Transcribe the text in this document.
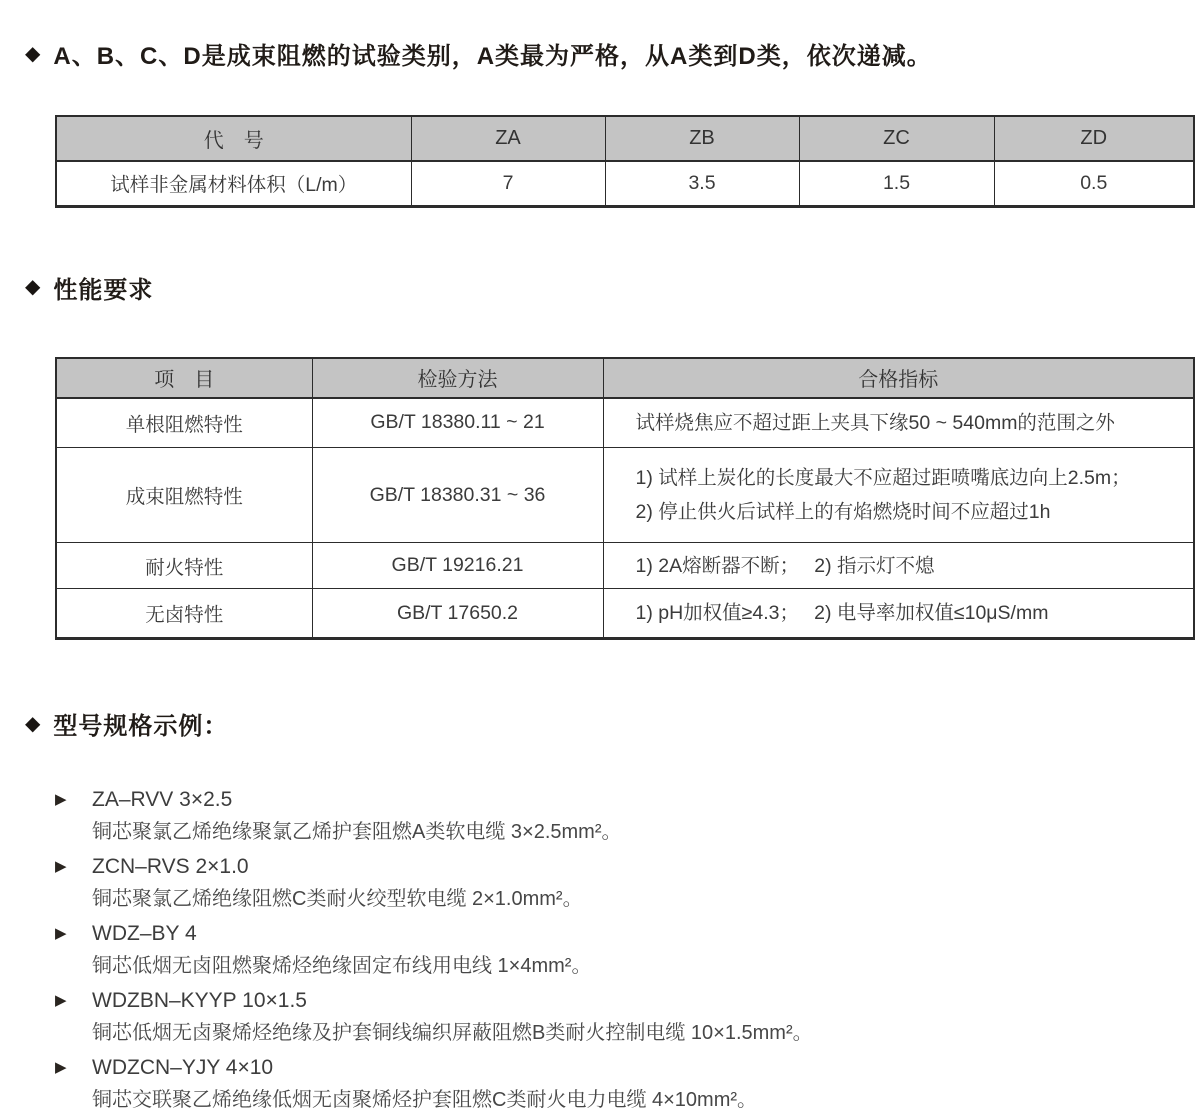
◆ A、B、C、D是成束阻燃的试验类别，A类最为严格，从A类到D类，依次递减。
代　号	ZA	ZB	ZC	ZD
试样非金属材料体积（L/m）	7	3.5	1.5	0.5
◆ 性能要求
项　目	检验方法	合格指标
单根阻燃特性	GB/T 18380.11 ~ 21	试样烧焦应不超过距上夹具下缘50 ~ 540mm的范围之外

成束阻燃特性	GB/T 18380.31 ~ 36	1) 试样上炭化的长度最大不应超过距喷嘴底边向上2.5m；
2) 停止供火后试样上的有焰燃烧时间不应超过1h

耐火特性	GB/T 19216.21	1) 2A熔断器不断；　 2) 指示灯不熄

无卤特性	GB/T 17650.2	1) pH加权值≥4.3；　 2) 电导率加权值≤10μS/mm
◆ 型号规格示例：
▶	ZA–RVV 3×2.5
铜芯聚氯乙烯绝缘聚氯乙烯护套阻燃A类软电缆 3×2.5mm²。
▶	ZCN–RVS 2×1.0
铜芯聚氯乙烯绝缘阻燃C类耐火绞型软电缆 2×1.0mm²。
▶	WDZ–BY 4
铜芯低烟无卤阻燃聚烯烃绝缘固定布线用电线 1×4mm²。
▶	WDZBN–KYYP 10×1.5
铜芯低烟无卤聚烯烃绝缘及护套铜线编织屏蔽阻燃B类耐火控制电缆 10×1.5mm²。
▶	WDZCN–YJY 4×10
铜芯交联聚乙烯绝缘低烟无卤聚烯烃护套阻燃C类耐火电力电缆 4×10mm²。
